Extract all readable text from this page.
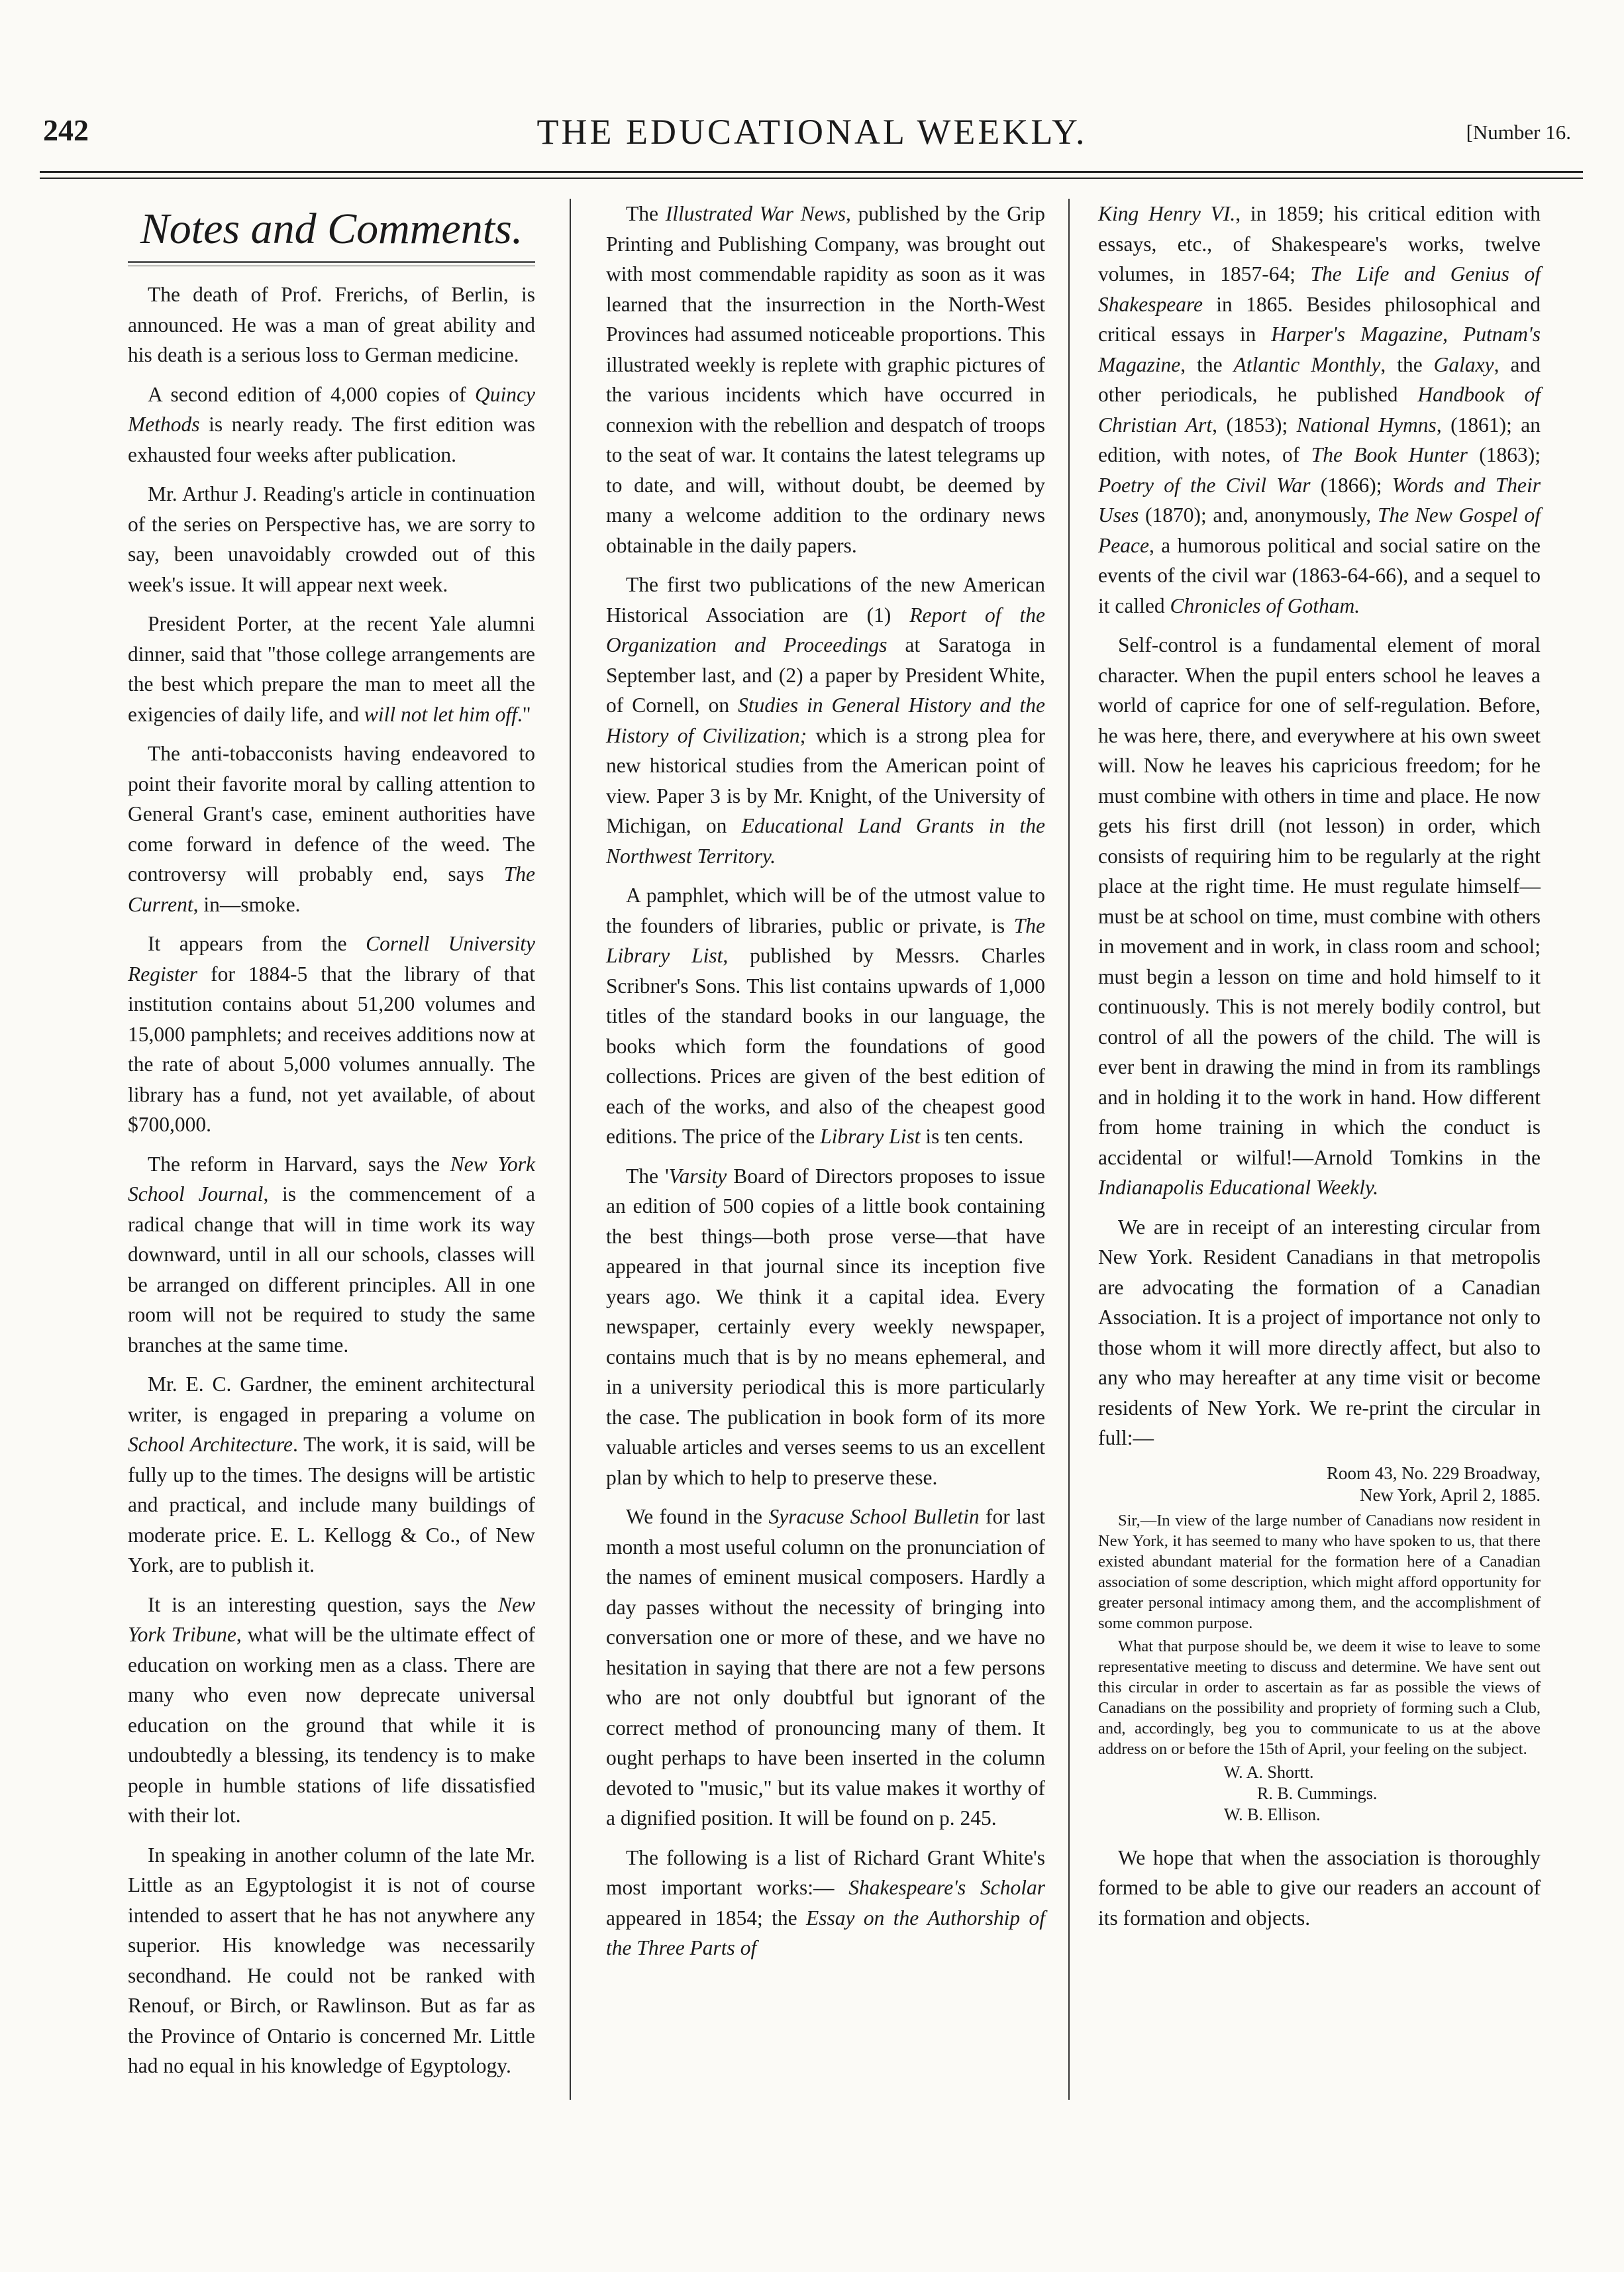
242	THE EDUCATIONAL WEEKLY.	[Number 16.
Notes and Comments.

The death of Prof. Frerichs, of Berlin, is announced. He was a man of great ability and his death is a serious loss to German medicine.

A second edition of 4,000 copies of Quincy Methods is nearly ready. The first edition was exhausted four weeks after publication.

Mr. Arthur J. Reading's article in continuation of the series on Perspective has, we are sorry to say, been unavoidably crowded out of this week's issue. It will appear next week.

President Porter, at the recent Yale alumni dinner, said that "those college arrangements are the best which prepare the man to meet all the exigencies of daily life, and will not let him off."

The anti-tobacconists having endeavored to point their favorite moral by calling attention to General Grant's case, eminent authorities have come forward in defence of the weed. The controversy will probably end, says The Current, in—smoke.

It appears from the Cornell University Register for 1884-5 that the library of that institution contains about 51,200 volumes and 15,000 pamphlets; and receives additions now at the rate of about 5,000 volumes annually. The library has a fund, not yet available, of about $700,000.

The reform in Harvard, says the New York School Journal, is the commencement of a radical change that will in time work its way downward, until in all our schools, classes will be arranged on different principles. All in one room will not be required to study the same branches at the same time.

Mr. E. C. Gardner, the eminent architectural writer, is engaged in preparing a volume on School Architecture. The work, it is said, will be fully up to the times. The designs will be artistic and practical, and include many buildings of moderate price. E. L. Kellogg & Co., of New York, are to publish it.

It is an interesting question, says the New York Tribune, what will be the ultimate effect of education on working men as a class. There are many who even now deprecate universal education on the ground that while it is undoubtedly a blessing, its tendency is to make people in humble stations of life dissatisfied with their lot.

In speaking in another column of the late Mr. Little as an Egyptologist it is not of course intended to assert that he has not anywhere any superior. His knowledge was necessarily secondhand. He could not be ranked with Renouf, or Birch, or Rawlinson. But as far as the Province of Ontario is concerned Mr. Little had no equal in his knowledge of Egyptology.

The Illustrated War News, published by the Grip Printing and Publishing Company, was brought out with most commendable rapidity as soon as it was learned that the insurrection in the North-West Provinces had assumed noticeable proportions. This illustrated weekly is replete with graphic pictures of the various incidents which have occurred in connexion with the rebellion and despatch of troops to the seat of war. It contains the latest telegrams up to date, and will, without doubt, be deemed by many a welcome addition to the ordinary news obtainable in the daily papers.

The first two publications of the new American Historical Association are (1) Report of the Organization and Proceedings at Saratoga in September last, and (2) a paper by President White, of Cornell, on Studies in General History and the History of Civilization; which is a strong plea for new historical studies from the American point of view. Paper 3 is by Mr. Knight, of the University of Michigan, on Educational Land Grants in the Northwest Territory.

A pamphlet, which will be of the utmost value to the founders of libraries, public or private, is The Library List, published by Messrs. Charles Scribner's Sons. This list contains upwards of 1,000 titles of the standard books in our language, the books which form the foundations of good collections. Prices are given of the best edition of each of the works, and also of the cheapest good editions. The price of the Library List is ten cents.

The 'Varsity Board of Directors proposes to issue an edition of 500 copies of a little book containing the best things—both prose verse—that have appeared in that journal since its inception five years ago. We think it a capital idea. Every newspaper, certainly every weekly newspaper, contains much that is by no means ephemeral, and in a university periodical this is more particularly the case. The publication in book form of its more valuable articles and verses seems to us an excellent plan by which to help to preserve these.

We found in the Syracuse School Bulletin for last month a most useful column on the pronunciation of the names of eminent musical composers. Hardly a day passes without the necessity of bringing into conversation one or more of these, and we have no hesitation in saying that there are not a few persons who are not only doubtful but ignorant of the correct method of pronouncing many of them. It ought perhaps to have been inserted in the column devoted to "music," but its value makes it worthy of a dignified position. It will be found on p. 245.

The following is a list of Richard Grant White's most important works:— Shakespeare's Scholar appeared in 1854; the Essay on the Authorship of the Three Parts of

King Henry VI., in 1859; his critical edition with essays, etc., of Shakespeare's works, twelve volumes, in 1857-64; The Life and Genius of Shakespeare in 1865. Besides philosophical and critical essays in Harper's Magazine, Putnam's Magazine, the Atlantic Monthly, the Galaxy, and other periodicals, he published Handbook of Christian Art, (1853); National Hymns, (1861); an edition, with notes, of The Book Hunter (1863); Poetry of the Civil War (1866); Words and Their Uses (1870); and, anonymously, The New Gospel of Peace, a humorous political and social satire on the events of the civil war (1863-64-66), and a sequel to it called Chronicles of Gotham.

Self-control is a fundamental element of moral character. When the pupil enters school he leaves a world of caprice for one of self-regulation. Before, he was here, there, and everywhere at his own sweet will. Now he leaves his capricious freedom; for he must combine with others in time and place. He now gets his first drill (not lesson) in order, which consists of requiring him to be regularly at the right place at the right time. He must regulate himself—must be at school on time, must combine with others in movement and in work, in class room and school; must begin a lesson on time and hold himself to it continuously. This is not merely bodily control, but control of all the powers of the child. The will is ever bent in drawing the mind in from its ramblings and in holding it to the work in hand. How different from home training in which the conduct is accidental or wilful!—Arnold Tomkins in the Indianapolis Educational Weekly.

We are in receipt of an interesting circular from New York. Resident Canadians in that metropolis are advocating the formation of a Canadian Association. It is a project of importance not only to those whom it will more directly affect, but also to any who may hereafter at any time visit or become residents of New York. We re-print the circular in full:—

Room 43, No. 229 Broadway,
New York, April 2, 1885.

Sir,—In view of the large number of Canadians now resident in New York, it has seemed to many who have spoken to us, that there existed abundant material for the formation here of a Canadian association of some description, which might afford opportunity for greater personal intimacy among them, and the accomplishment of some common purpose.

What that purpose should be, we deem it wise to leave to some representative meeting to discuss and determine. We have sent out this circular in order to ascertain as far as possible the views of Canadians on the possibility and propriety of forming such a Club, and, accordingly, beg you to communicate to us at the above address on or before the 15th of April, your feeling on the subject.

W. A. Shortt.

R. B. Cummings.

W. B. Ellison.

We hope that when the association is thoroughly formed to be able to give our readers an account of its formation and objects.
